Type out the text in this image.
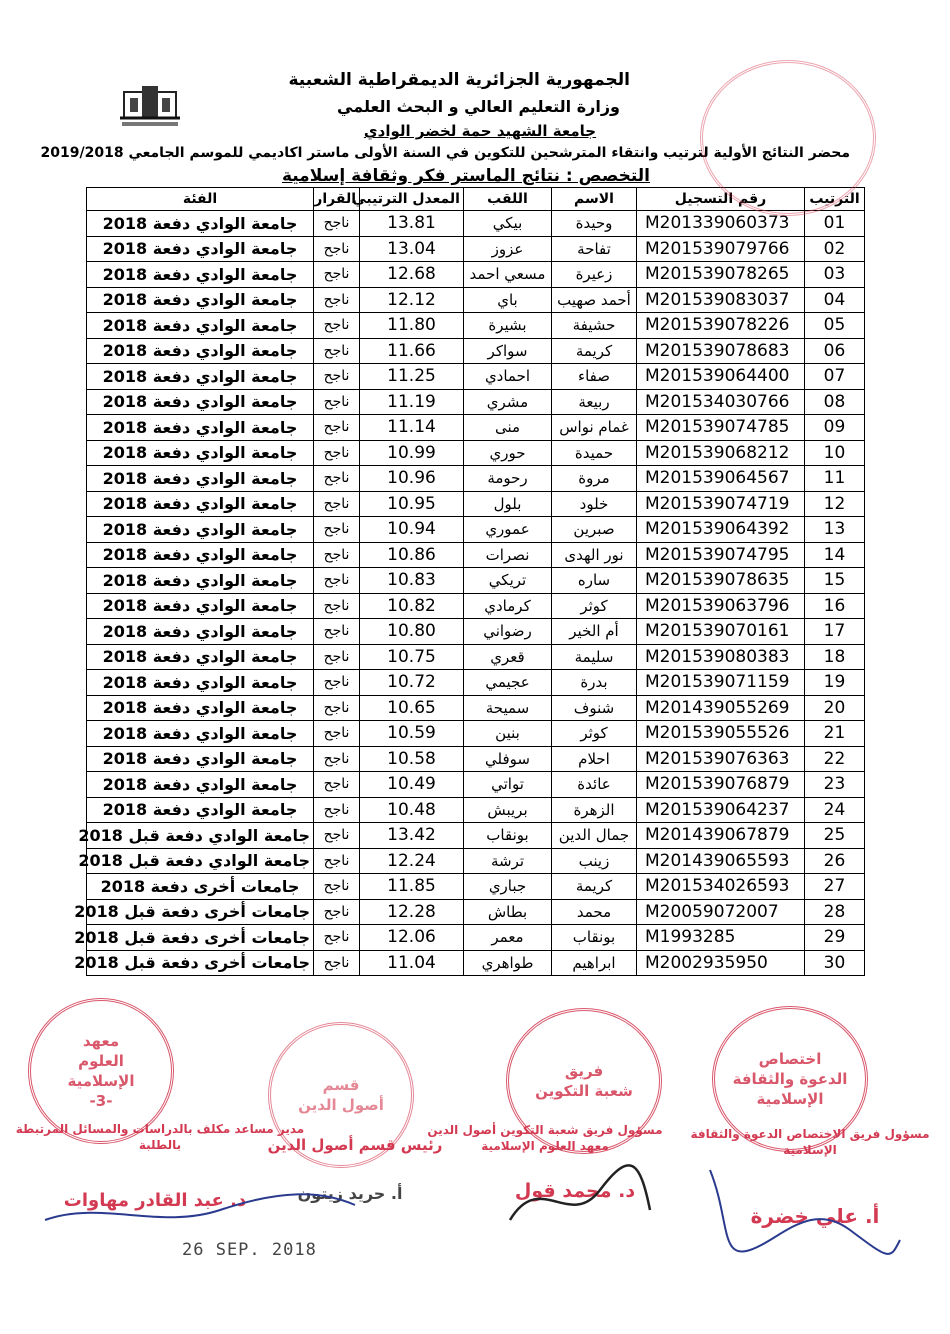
الجمهورية الجزائرية الديمقراطية الشعبية
وزارة التعليم العالي و البحث العلمي
جامعة الشهيد حمة لخضر الوادي
محضر النتائج الأولية لترتيب وانتقاء المترشحين للتكوين في السنة الأولى ماستر اكاديمي للموسم الجامعي 2019/2018
التخصص : نتائج الماستر فكر وثقافة إسلامية
الترتيب	رقم التسجيل	الاسم	اللقب	المعدل الترتيبي	القرار	الفئة
01	M201339060373	وحيدة	بيكي	13.81	ناجح	جامعة الوادي دفعة 2018
02	M201539079766	تفاحة	عزوز	13.04	ناجح	جامعة الوادي دفعة 2018
03	M201539078265	زعيرة	مسعي احمد	12.68	ناجح	جامعة الوادي دفعة 2018
04	M201539083037	أحمد صهيب	باي	12.12	ناجح	جامعة الوادي دفعة 2018
05	M201539078226	حشيفة	بشيرة	11.80	ناجح	جامعة الوادي دفعة 2018
06	M201539078683	كريمة	سواكر	11.66	ناجح	جامعة الوادي دفعة 2018
07	M201539064400	صفاء	احمادي	11.25	ناجح	جامعة الوادي دفعة 2018
08	M201534030766	ربيعة	مشري	11.19	ناجح	جامعة الوادي دفعة 2018
09	M201539074785	غمام نواس	منى	11.14	ناجح	جامعة الوادي دفعة 2018
10	M201539068212	حميدة	حوري	10.99	ناجح	جامعة الوادي دفعة 2018
11	M201539064567	مروة	رحومة	10.96	ناجح	جامعة الوادي دفعة 2018
12	M201539074719	خلود	بلول	10.95	ناجح	جامعة الوادي دفعة 2018
13	M201539064392	صبرين	عموري	10.94	ناجح	جامعة الوادي دفعة 2018
14	M201539074795	نور الهدى	نصرات	10.86	ناجح	جامعة الوادي دفعة 2018
15	M201539078635	ساره	تريكي	10.83	ناجح	جامعة الوادي دفعة 2018
16	M201539063796	كوثر	كرمادي	10.82	ناجح	جامعة الوادي دفعة 2018
17	M201539070161	أم الخير	رضواني	10.80	ناجح	جامعة الوادي دفعة 2018
18	M201539080383	سليمة	قعري	10.75	ناجح	جامعة الوادي دفعة 2018
19	M201539071159	بدرة	عجيمي	10.72	ناجح	جامعة الوادي دفعة 2018
20	M201439055269	شنوف	سميحة	10.65	ناجح	جامعة الوادي دفعة 2018
21	M201539055526	كوثر	بنين	10.59	ناجح	جامعة الوادي دفعة 2018
22	M201539076363	احلام	سوفلي	10.58	ناجح	جامعة الوادي دفعة 2018
23	M201539076879	عائدة	تواتي	10.49	ناجح	جامعة الوادي دفعة 2018
24	M201539064237	الزهرة	بريبش	10.48	ناجح	جامعة الوادي دفعة 2018
25	M201439067879	جمال الدين	بونقاب	13.42	ناجح	جامعة الوادي دفعة قبل 2018
26	M201439065593	زينب	ترشة	12.24	ناجح	جامعة الوادي دفعة قبل 2018
27	M201534026593	كريمة	جباري	11.85	ناجح	جامعات أخرى دفعة 2018
28	M20059072007	محمد	بطاش	12.28	ناجح	جامعات أخرى دفعة قبل 2018
29	M1993285	بونقاب	معمر	12.06	ناجح	جامعات أخرى دفعة قبل 2018
30	M2002935950	ابراهيم	طواهري	11.04	ناجح	جامعات أخرى دفعة قبل 2018
معهد
العلوم
الإسلامية
-3-
قسم
أصول الدين
فريق
شعبة التكوين
اختصاص
الدعوة والثقافة
الإسلامية
مدير مساعد مكلف بالدراسات والمسائل المرتبطة بالطلبة
د. عبد القادر مهاوات
رئيس قسم أصول الدين
أ. حريد زيتون
مسؤول فريق شعبة التكوين أصول الدين معهد العلوم الإسلامية
د. محمد قول
مسؤول فريق الاختصاص الدعوة والثقافة الإسلامية
أ. علي خضرة
26 SEP. 2018
